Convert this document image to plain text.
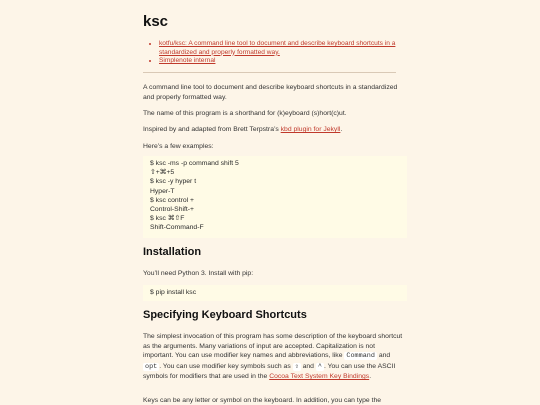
ksc
• kotfu/ksc: A command line tool to document and describe keyboard shortcuts in a standardized and properly formatted way.
• Simplenote internal

A command line tool to document and describe keyboard shortcuts in a standardized and properly formatted way.

The name of this program is a shorthand for (k)eyboard (s)hort(c)ut.

Inspired by and adapted from Brett Terpstra’s kbd plugin for Jekyll.

Here’s a few examples:

$ ksc -ms -p command shift 5
⇧+⌘+5
$ ksc -y hyper t
Hyper-T
$ ksc control +
Control-Shift-+
$ ksc ⌘⇧F
Shift-Command-F
Installation

You’ll need Python 3. Install with pip:

$ pip install ksc
Specifying Keyboard Shortcuts

The simplest invocation of this program has some description of the keyboard shortcut as the arguments. Many variations of input are accepted. Capitalization is not important. You can use modifier key names and abbreviations, like Command and opt . You can use modifier key symbols such as ⇧ and ^ . You can use the ASCII symbols for modifiers that are used in the Cocoa Text System Key Bindings.

Keys can be any letter or symbol on the keyboard. In addition, you can type the
